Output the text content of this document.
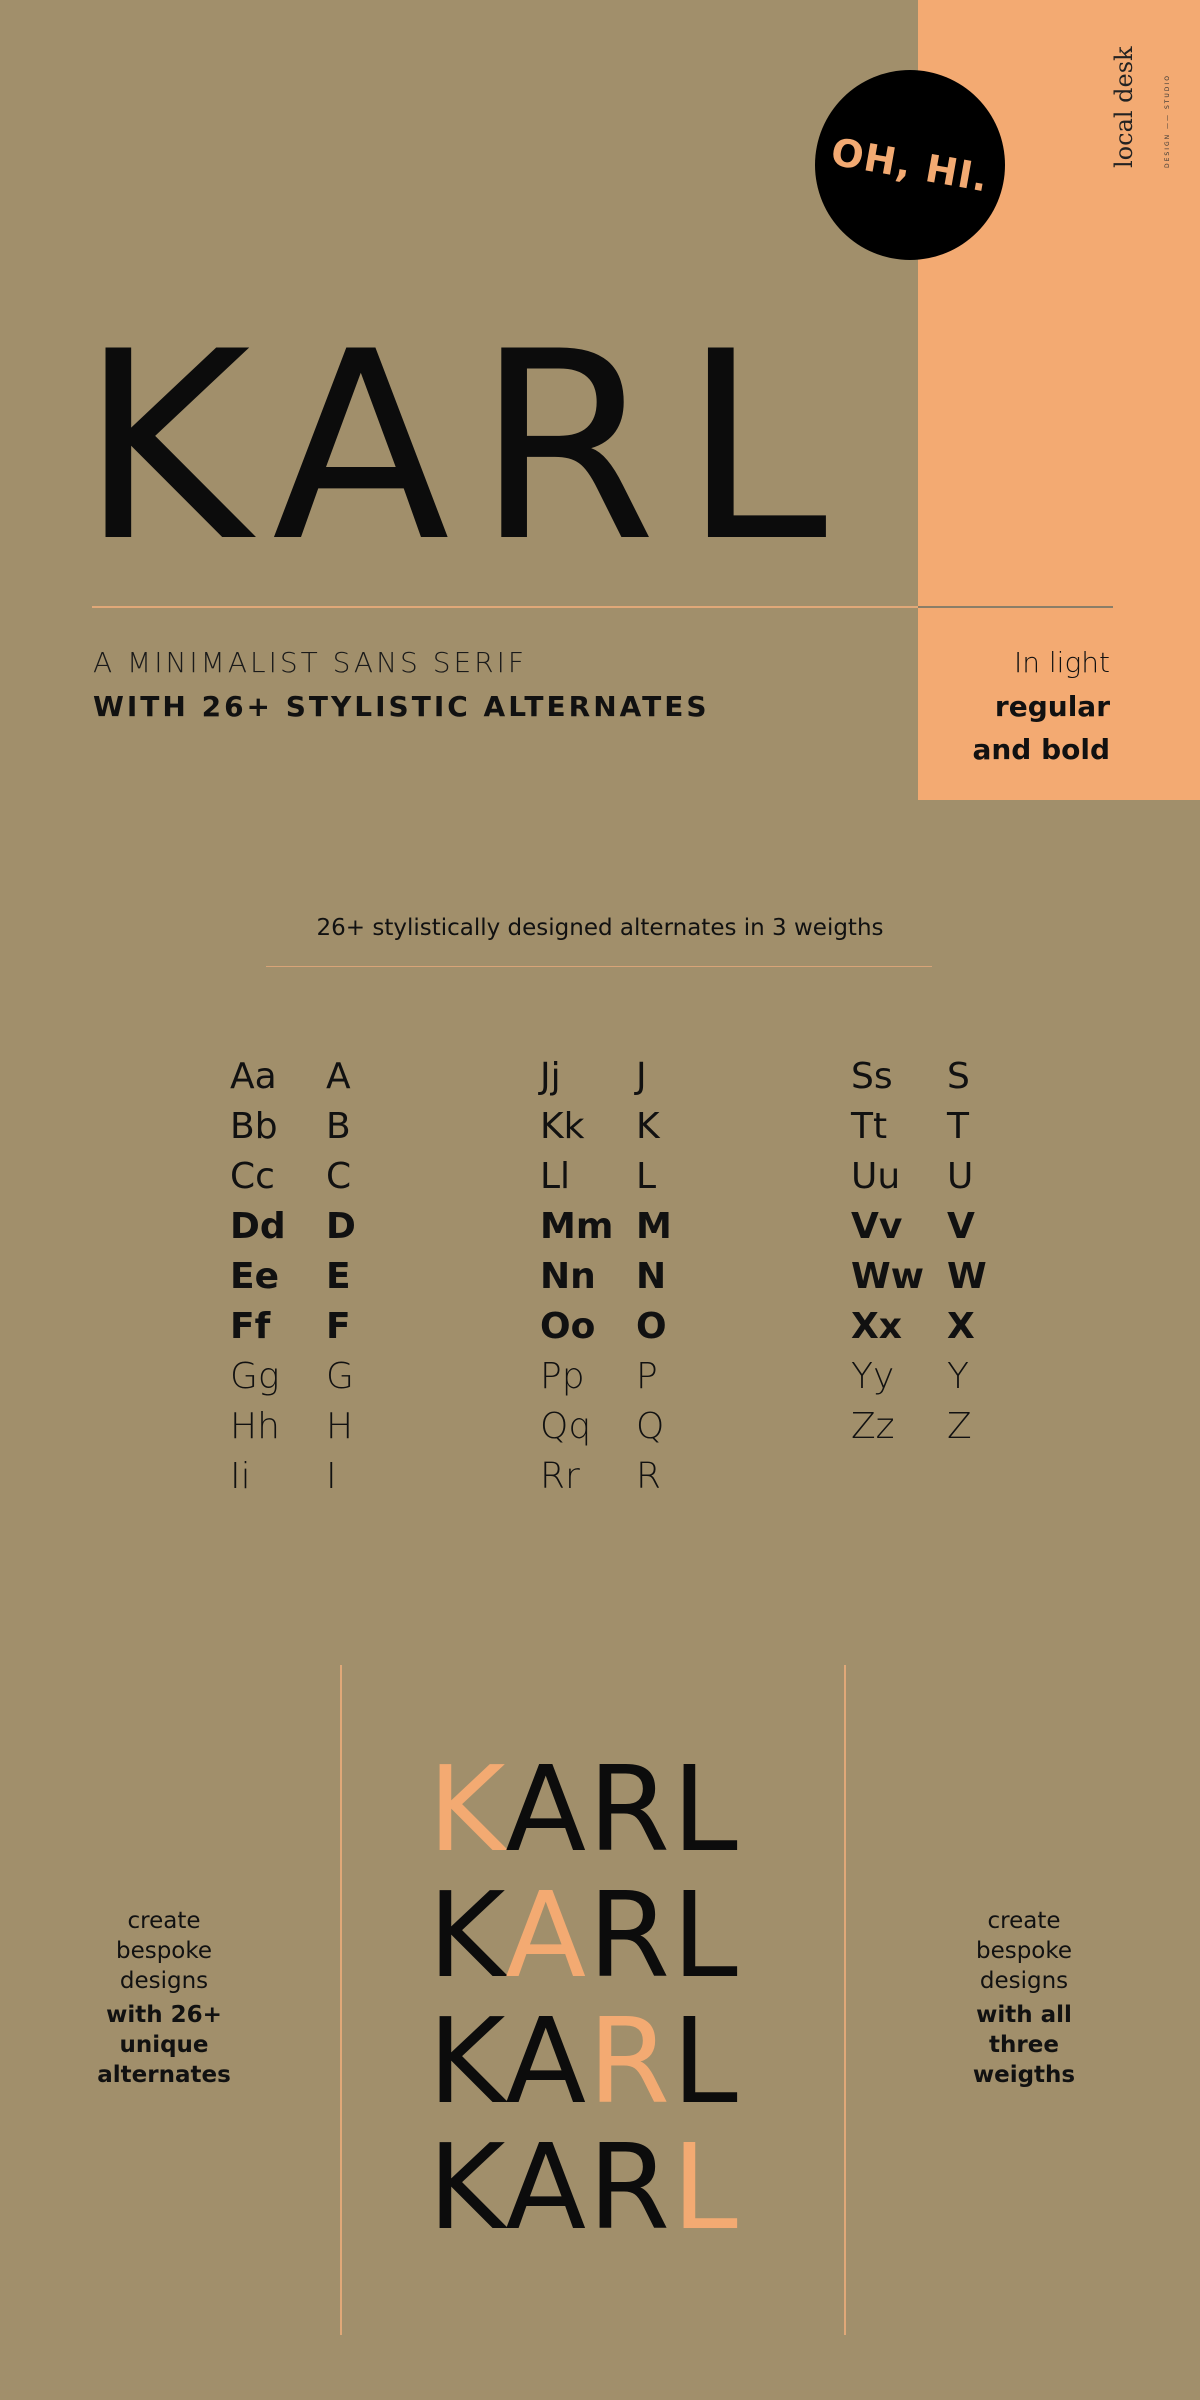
local desk	DESIGN —— STUDIO
OH, HI.
KARL
A MINIMALIST SANS SERIF
WITH 26+ STYLISTIC ALTERNATES
In light
regular
and bold
26+ stylistically designed alternates in 3 weigths
Aa A
Bb B
Cc C
Dd D
Ee E
Ff F
Gg G
Hh H
Ii I
Jj J
Kk K
Ll L
Mm M
Nn N
Oo O
Pp P
Qq Q
Rr R
Ss S
Tt T
Uu U
Vv V
Ww W
Xx X
Yy Y
Zz Z
KARL
KARL
KARL
KARL
create
bespoke
designs
with 26+
unique
alternates
create
bespoke
designs
with all
three
weigths
